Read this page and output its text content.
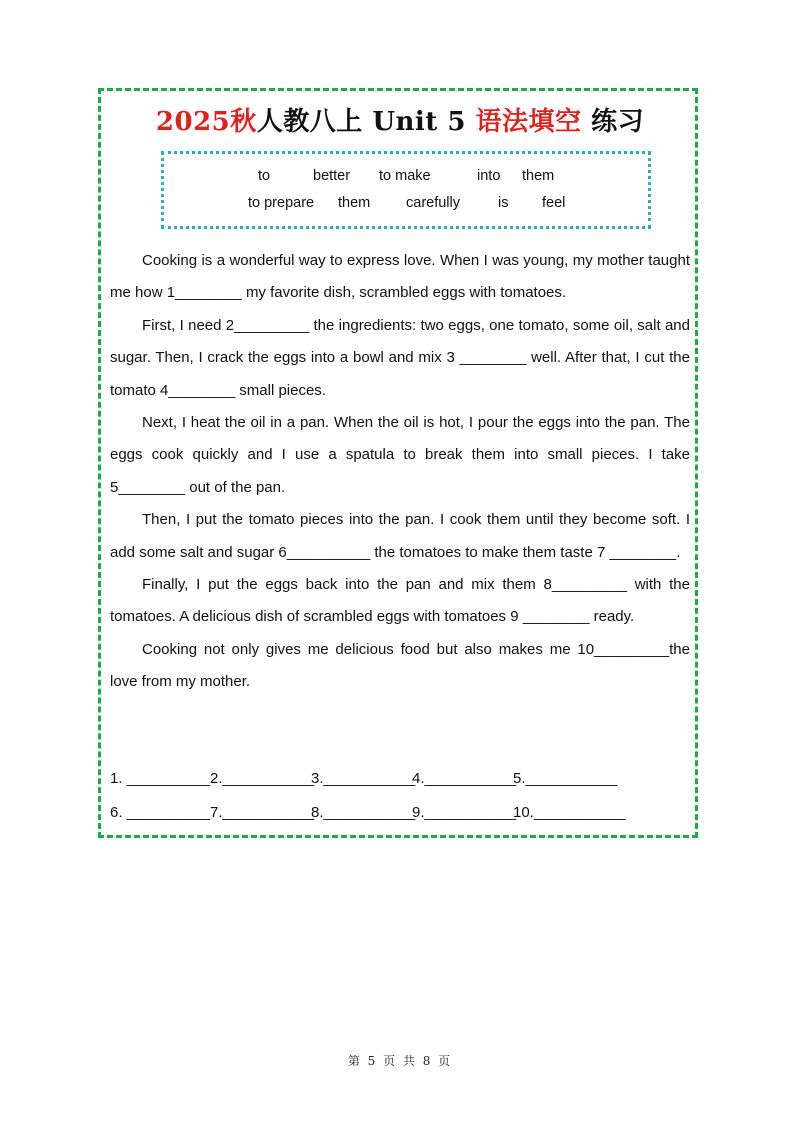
2025秋人教八上 Unit 5 语法填空 练习
to	better to make	into them
to prepare them carefully	is feel

Cooking is a wonderful way to express love. When I was young, my mother taught me how 1________ my favorite dish, scrambled eggs with tomatoes.

First, I need 2_________ the ingredients: two eggs, one tomato, some oil, salt and sugar. Then, I crack the eggs into a bowl and mix 3 ________ well. After that, I cut the tomato 4________ small pieces.

Next, I heat the oil in a pan. When the oil is hot, I pour the eggs into the pan. The eggs cook quickly and I use a spatula to break them into small pieces. I take 5________ out of the pan.

Then, I put the tomato pieces into the pan. I cook them until they become soft. I add some salt and sugar 6__________ the tomatoes to make them taste 7 ________.

Finally, I put the eggs back into the pan and mix them 8_________ with the tomatoes. A delicious dish of scrambled eggs with tomatoes 9 ________ ready.

Cooking not only gives me delicious food but also makes me 10_________the love from my mother.

1. __________ 2.___________
3.___________
4.___________
5.___________
6. __________ 7.___________
8.___________
9.___________
10.___________
第 5 页 共 8 页
